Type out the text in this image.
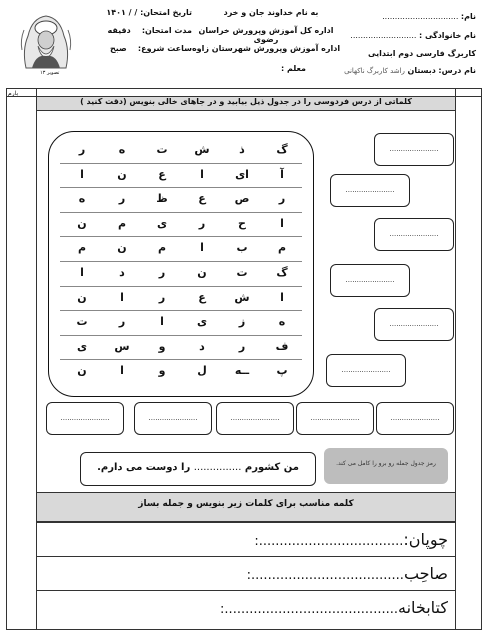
تصویر ۱۳
به نام خداوند جان و خرد
تاریخ امتحان: / / ۱۴۰۱	نام: ..............................
اداره کل آموزش وپرورش خراسان رضوی
مدت امتحان:    دقیقه
نام خانوادگی : ..........................
اداره آموزش وپرورش شهرستان زاوه
ساعت شروع:    صبح
کاربرگ فارسی دوم ابتدایی
معلم :	نام درس: دبستان راشد کاربرگ ناکهانی
بارم
کلماتی از درس فردوسی را در جدول ذیل بیابید و در جاهای خالی بنویس (دقت کنید )
گ
ذ
ش
ت
ه
ر
آ
ای
ا
ع
ن
ا
ر
ص
ع
ظ
ر
ه
ا
ح
ر
ی
م
ن
م
ب
ا
م
ن
م
گ
ت
ن
ر
د
ا
ا
ش
ع
ر
ا
ن
ه
ز
ی
ا
ر
ت
ف
ر
د
و
س
ی
پ
ــه
ل
و
ا
ن
......................
......................
......................
......................
......................
......................
......................
......................
......................
......................
......................
رمز جدول جمله رو برو را کامل می کند.
من کشورم ............... را دوست می دارم.
کلمه مناسب برای کلمات زیر بنویس و جمله بساز
چوپان:...................................:
صاحِب.....................................:
کتابخانه..........................................:
